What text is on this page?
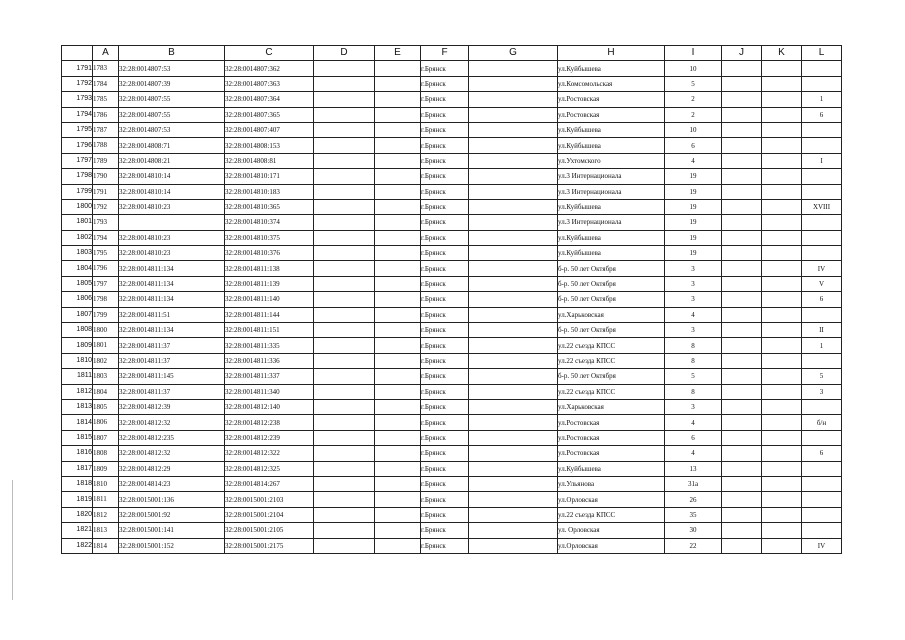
	A	B	C	D	E	F	G	H	I	J	K	L
1791	1783	32:28:0014807:53	32:28:0014807:362			г.Брянск		ул.Куйбышева	10			
1792	1784	32:28:0014807:39	32:28:0014807:363			г.Брянск		ул.Комсомольская	5			
1793	1785	32:28:0014807:55	32:28:0014807:364			г.Брянск		ул.Ростовская	2			1
1794	1786	32:28:0014807:55	32:28:0014807:365			г.Брянск		ул.Ростовская	2			6
1795	1787	32:28:0014807:53	32:28:0014807:407			г.Брянск		ул.Куйбышева	10			
1796	1788	32:28:0014808:71	32:28:0014808:153			г.Брянск		ул.Куйбышева	6			
1797	1789	32:28:0014808:21	32:28:0014808:81			г.Брянск		ул.Ухтомского	4			I
1798	1790	32:28:0014810:14	32:28:0014810:171			г.Брянск		ул.3 Интернационала	19			
1799	1791	32:28:0014810:14	32:28:0014810:183			г.Брянск		ул.3 Интернационала	19			
1800	1792	32:28:0014810:23	32:28:0014810:365			г.Брянск		ул.Куйбышева	19			XVIII
1801	1793		32:28:0014810:374			г.Брянск		ул.3 Интернационала	19			
1802	1794	32:28:0014810:23	32:28:0014810:375			г.Брянск		ул.Куйбышева	19			
1803	1795	32:28:0014810:23	32:28:0014810:376			г.Брянск		ул.Куйбышева	19			
1804	1796	32:28:0014811:134	32:28:0014811:138			г.Брянск		б-р. 50 лет Октября	3			IV
1805	1797	32:28:0014811:134	32:28:0014811:139			г.Брянск		б-р. 50 лет Октября	3			V
1806	1798	32:28:0014811:134	32:28:0014811:140			г.Брянск		б-р. 50 лет Октября	3			6
1807	1799	32:28:0014811:51	32:28:0014811:144			г.Брянск		ул.Харьковская	4			
1808	1800	32:28:0014811:134	32:28:0014811:151			г.Брянск		б-р. 50 лет Октября	3			II
1809	1801	32:28:0014811:37	32:28:0014811:335			г.Брянск		ул.22 съезда КПСС	8			1
1810	1802	32:28:0014811:37	32:28:0014811:336			г.Брянск		ул.22 съезда КПСС	8			
1811	1803	32:28:0014811:145	32:28:0014811:337			г.Брянск		б-р. 50 лет Октября	5			5
1812	1804	32:28:0014811:37	32:28:0014811:340			г.Брянск		ул.22 съезда КПСС	8			3
1813	1805	32:28:0014812:39	32:28:0014812:140			г.Брянск		ул.Харьковская	3			
1814	1806	32:28:0014812:32	32:28:0014812:238			г.Брянск		ул.Ростовская	4			б/н
1815	1807	32:28:0014812:235	32:28:0014812:239			г.Брянск		ул.Ростовская	6			
1816	1808	32:28:0014812:32	32:28:0014812:322			г.Брянск		ул.Ростовская	4			6
1817	1809	32:28:0014812:29	32:28:0014812:325			г.Брянск		ул.Куйбышева	13			
1818	1810	32:28:0014814:23	32:28:0014814:267			г.Брянск		ул.Ульянова	31а			
1819	1811	32:28:0015001:136	32:28:0015001:2103			г.Брянск		ул.Орловская	26			
1820	1812	32:28:0015001:92	32:28:0015001:2104			г.Брянск		ул.22 съезда КПСС	35			
1821	1813	32:28:0015001:141	32:28:0015001:2105			г.Брянск		ул. Орловская	30			
1822	1814	32:28:0015001:152	32:28:0015001:2175			г.Брянск		ул.Орловская	22			IV
